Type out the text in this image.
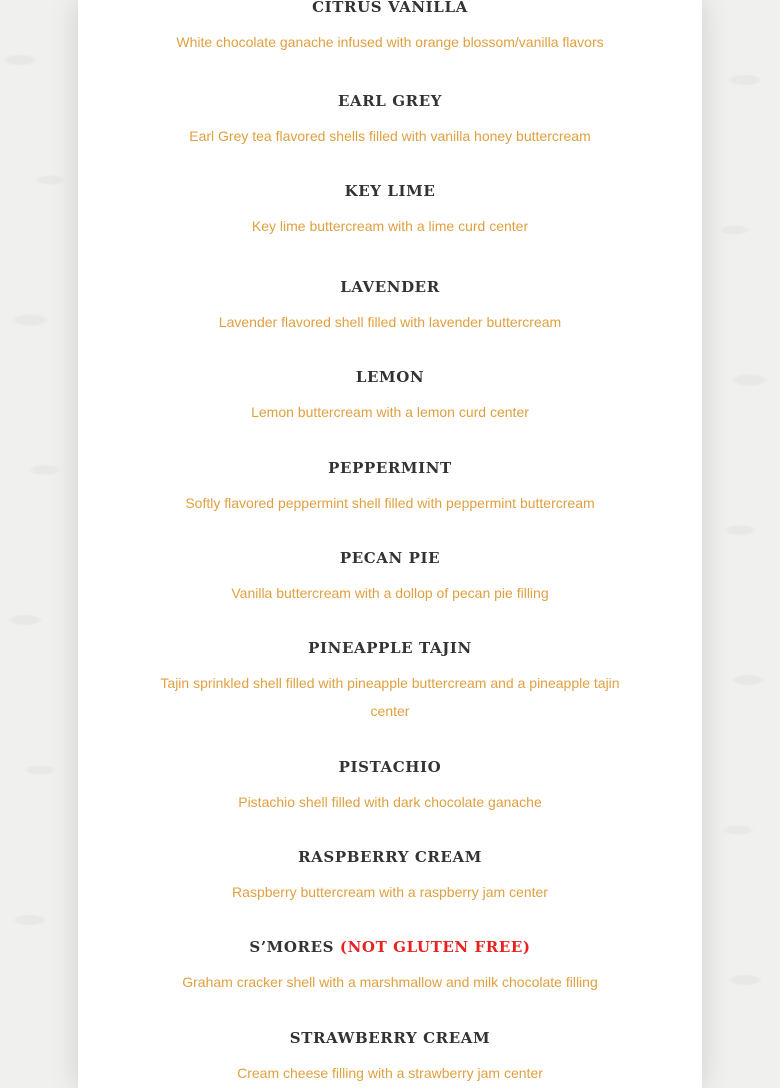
CITRUS VANILLA

White chocolate ganache infused with orange blossom/vanilla flavors

EARL GREY

Earl Grey tea flavored shells filled with vanilla honey buttercream

KEY LIME

Key lime buttercream with a lime curd center

LAVENDER

Lavender flavored shell filled with lavender buttercream

LEMON

Lemon buttercream with a lemon curd center

PEPPERMINT

Softly flavored peppermint shell filled with peppermint buttercream

PECAN PIE

Vanilla buttercream with a dollop of pecan pie filling

PINEAPPLE TAJIN

Tajin sprinkled shell filled with pineapple buttercream and a pineapple tajin center

PISTACHIO

Pistachio shell filled with dark chocolate ganache

RASPBERRY CREAM

Raspberry buttercream with a raspberry jam center

S’MORES (NOT GLUTEN FREE)

Graham cracker shell with a marshmallow and milk chocolate filling

STRAWBERRY CREAM

Cream cheese filling with a strawberry jam center
